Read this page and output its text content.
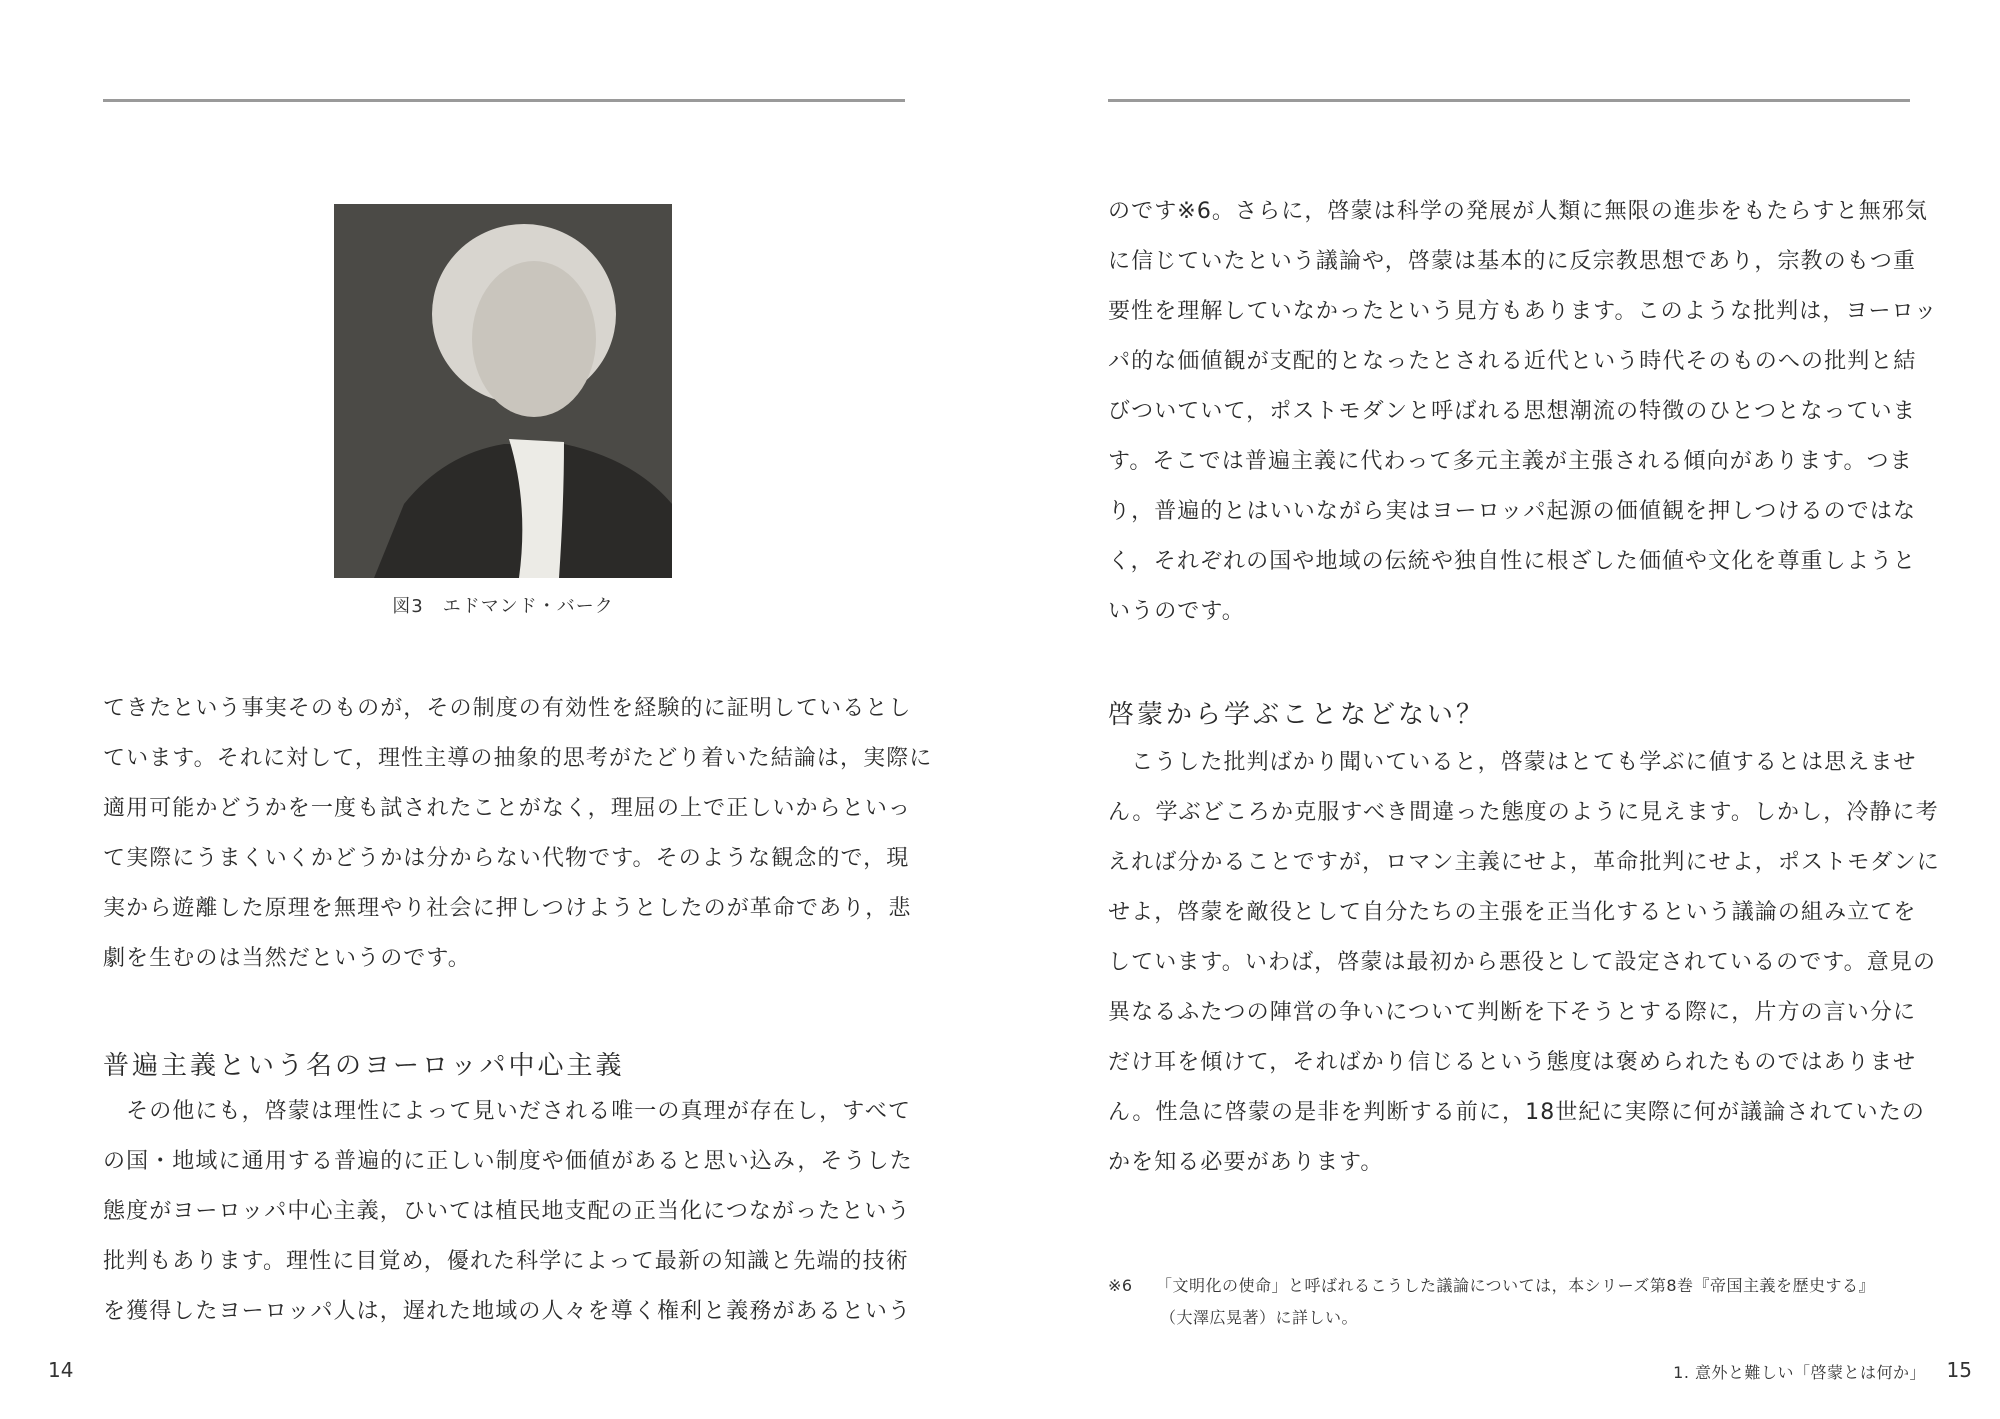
図3　エドマンド・バーク

てきたという事実そのものが，その制度の有効性を経験的に証明しているとし

ています。それに対して，理性主導の抽象的思考がたどり着いた結論は，実際に

適用可能かどうかを一度も試されたことがなく，理屈の上で正しいからといっ

て実際にうまくいくかどうかは分からない代物です。そのような観念的で，現

実から遊離した原理を無理やり社会に押しつけようとしたのが革命であり，悲

劇を生むのは当然だというのです。

普遍主義という名のヨーロッパ中心主義

　その他にも，啓蒙は理性によって見いだされる唯一の真理が存在し，すべて

の国・地域に通用する普遍的に正しい制度や価値があると思い込み，そうした

態度がヨーロッパ中心主義，ひいては植民地支配の正当化につながったという

批判もあります。理性に目覚め，優れた科学によって最新の知識と先端的技術

を獲得したヨーロッパ人は，遅れた地域の人々を導く権利と義務があるという

のです※6。さらに，啓蒙は科学の発展が人類に無限の進歩をもたらすと無邪気

に信じていたという議論や，啓蒙は基本的に反宗教思想であり，宗教のもつ重

要性を理解していなかったという見方もあります。このような批判は，ヨーロッ

パ的な価値観が支配的となったとされる近代という時代そのものへの批判と結

びついていて，ポストモダンと呼ばれる思想潮流の特徴のひとつとなっていま

す。そこでは普遍主義に代わって多元主義が主張される傾向があります。つま

り，普遍的とはいいながら実はヨーロッパ起源の価値観を押しつけるのではな

く，それぞれの国や地域の伝統や独自性に根ざした価値や文化を尊重しようと

いうのです。

啓蒙から学ぶことなどない？

　こうした批判ばかり聞いていると，啓蒙はとても学ぶに値するとは思えませ

ん。学ぶどころか克服すべき間違った態度のように見えます。しかし，冷静に考

えれば分かることですが，ロマン主義にせよ，革命批判にせよ，ポストモダンに

せよ，啓蒙を敵役として自分たちの主張を正当化するという議論の組み立てを

しています。いわば，啓蒙は最初から悪役として設定されているのです。意見の

異なるふたつの陣営の争いについて判断を下そうとする際に，片方の言い分に

だけ耳を傾けて，そればかり信じるという態度は褒められたものではありませ

ん。性急に啓蒙の是非を判断する前に，18世紀に実際に何が議論されていたの

かを知る必要があります。

※6 「文明化の使命」と呼ばれるこうした議論については，本シリーズ第8巻『帝国主義を歴史する』
（大澤広晃著）に詳しい。
14	1. 意外と難しい「啓蒙とは何か」 15
